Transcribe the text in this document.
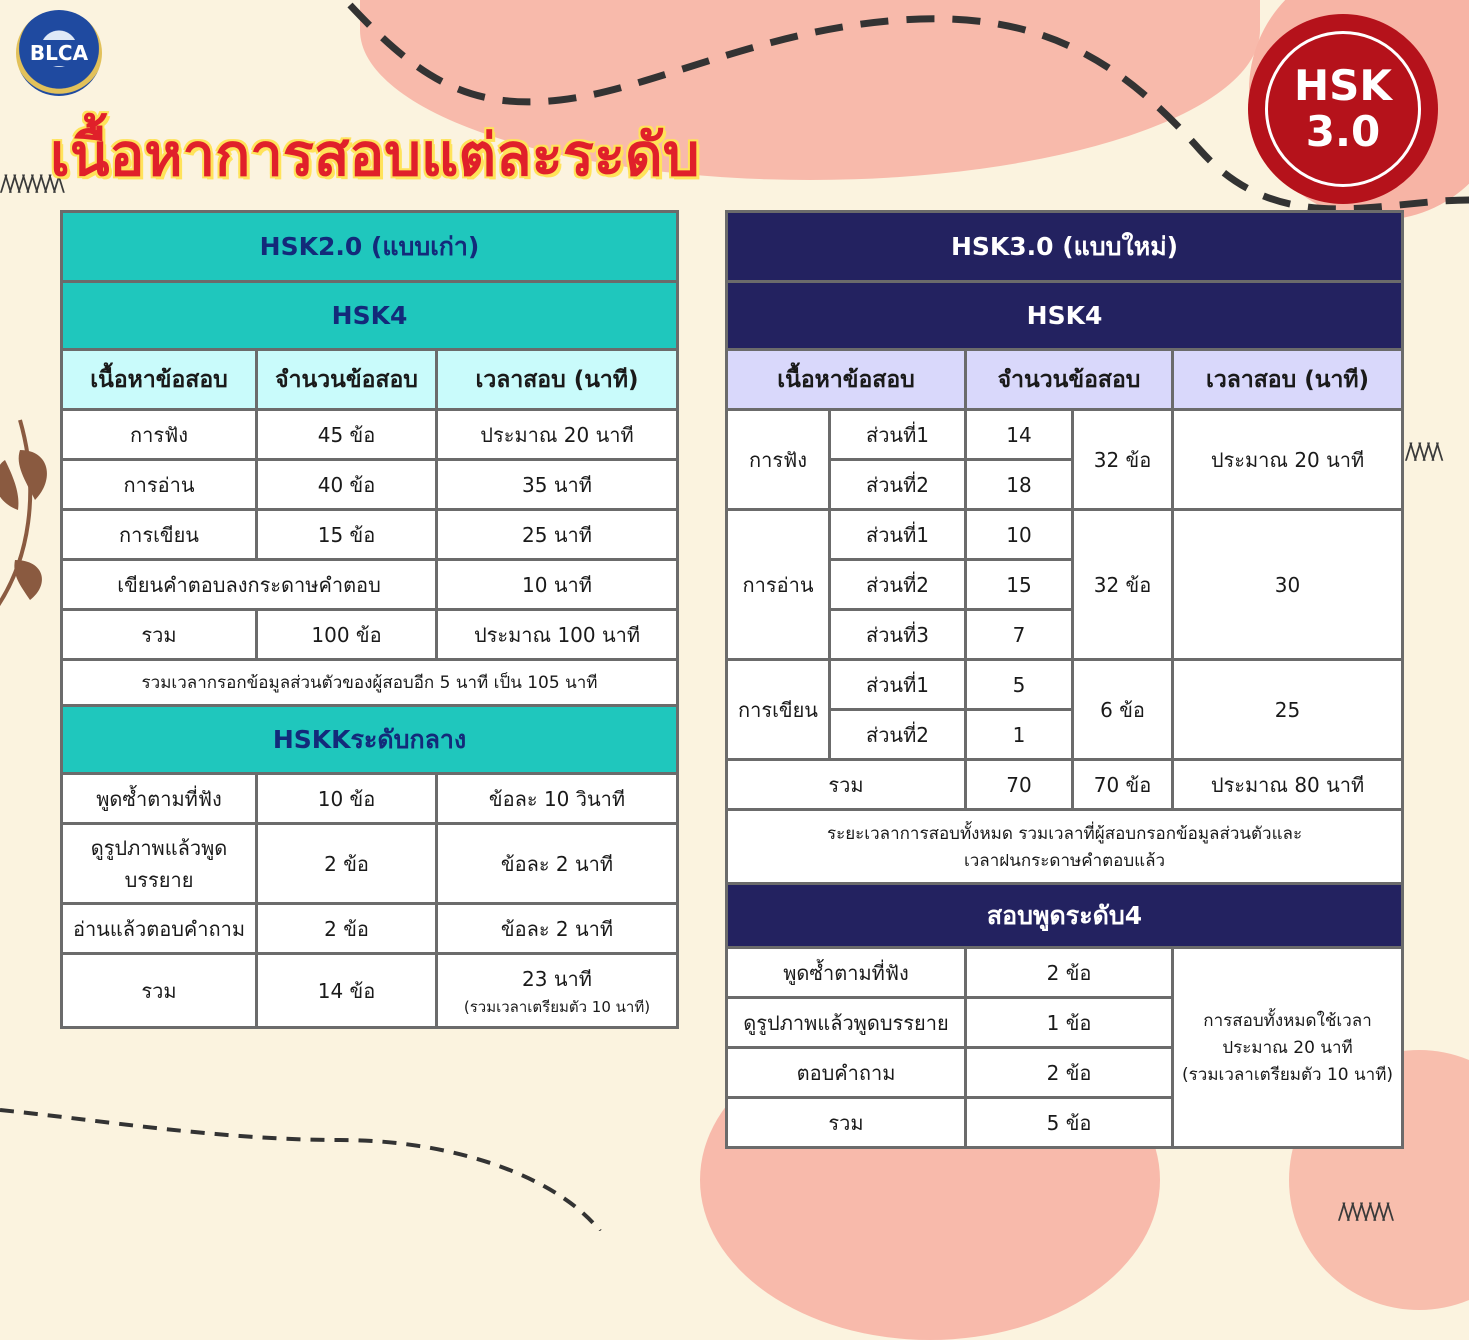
/\/\/\/\/\/\/\
/\/\/\/\
/\/\/\/\/\/\
BLCA
เนื้อหาการสอบแต่ละระดับ
HSK
3.0
HSK2.0 (แบบเก่า)		
HSK4		
เนื้อหาข้อสอบ	จำนวนข้อสอบ	เวลาสอบ (นาที)
การฟัง	45 ข้อ	ประมาณ 20 นาที
การอ่าน	40 ข้อ	35 นาที
การเขียน	15 ข้อ	25 นาที
เขียนคำตอบลงกระดาษคำตอบ		10 นาที
รวม	100 ข้อ	ประมาณ 100 นาที
รวมเวลากรอกข้อมูลส่วนตัวของผู้สอบอีก 5 นาที เป็น 105 นาที		
HSKKระดับกลาง		
พูดซ้ำตามที่ฟัง	10 ข้อ	ข้อละ 10 วินาที
ดูรูปภาพแล้วพูดบรรยาย	2 ข้อ	ข้อละ 2 นาที
อ่านแล้วตอบคำถาม	2 ข้อ	ข้อละ 2 นาที
รวม	14 ข้อ	23 นาที
(รวมเวลาเตรียมตัว 10 นาที)
HSK3.0 (แบบใหม่)				
HSK4				
เนื้อหาข้อสอบ		จำนวนข้อสอบ		เวลาสอบ (นาที)
การฟัง	ส่วนที่1	14	32 ข้อ	ประมาณ 20 นาที
	ส่วนที่2	18		
การอ่าน	ส่วนที่1	10	32 ข้อ	30
	ส่วนที่2	15		
	ส่วนที่3	7		
การเขียน	ส่วนที่1	5	6 ข้อ	25
	ส่วนที่2	1		
รวม		70	70 ข้อ	ประมาณ 80 นาที
ระยะเวลาการสอบทั้งหมด รวมเวลาที่ผู้สอบกรอกข้อมูลส่วนตัวและ
เวลาฝนกระดาษคำตอบแล้ว				
สอบพูดระดับ4				
พูดซ้ำตามที่ฟัง		2 ข้อ		การสอบทั้งหมดใช้เวลา
ประมาณ 20 นาที
(รวมเวลาเตรียมตัว 10 นาที)
ดูรูปภาพแล้วพูดบรรยาย		1 ข้อ		
ตอบคำถาม		2 ข้อ		
รวม		5 ข้อ		
